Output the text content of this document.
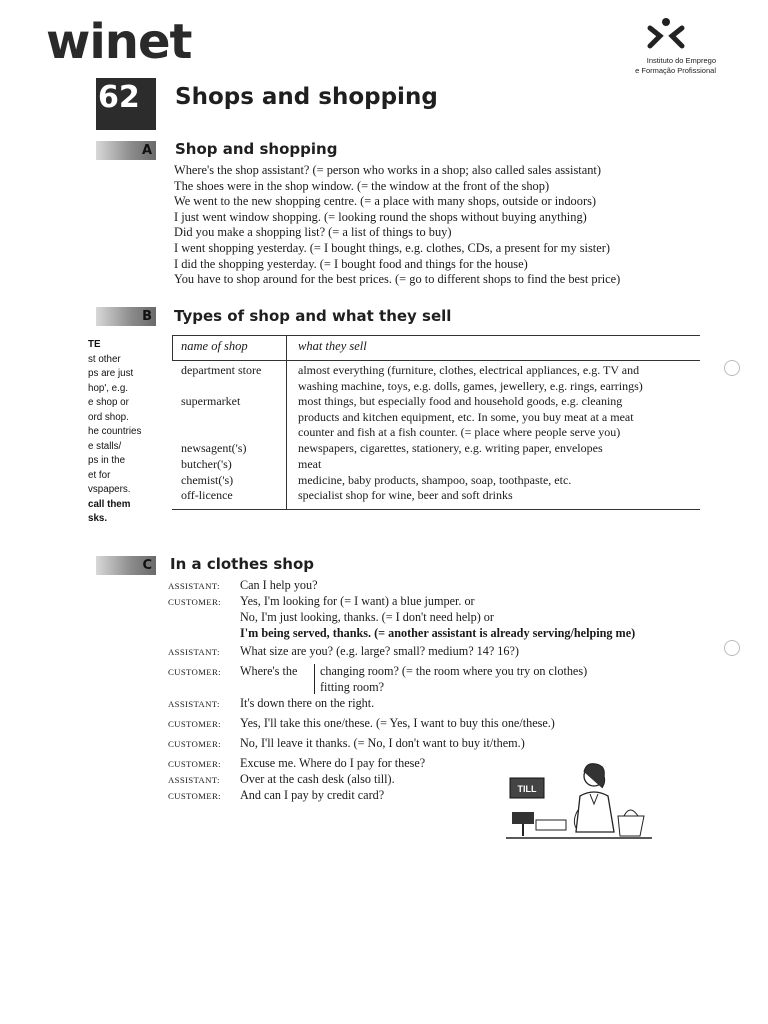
winet	Instituto do Emprego
e Formação Profissional
62	Shops and shopping
A Shop and shopping
Where's the shop assistant? (= person who works in a shop; also called sales assistant)
The shoes were in the shop window. (= the window at the front of the shop)
We went to the new shopping centre. (= a place with many shops, outside or indoors)
I just went window shopping. (= looking round the shops without buying anything)
Did you make a shopping list? (= a list of things to buy)
I went shopping yesterday. (= I bought things, e.g. clothes, CDs, a present for my sister)
I did the shopping yesterday. (= I bought food and things for the house)
You have to shop around for the best prices. (= go to different shops to find the best price)
B Types of shop and what they sell
TE
st other
ps are just
hop', e.g.
e shop or
ord shop.
he countries
e stalls/
ps in the
et for
vspapers.
call them
sks.
name of shop	what they sell
department store	almost everything (furniture, clothes, electrical appliances, e.g. TV and
washing machine, toys, e.g. dolls, games, jewellery, e.g. rings, earrings)
supermarket	most things, but especially food and household goods, e.g. cleaning
products and kitchen equipment, etc. In some, you buy meat at a meat
counter and fish at a fish counter. (= place where people serve you)
newsagent('s)	newspapers, cigarettes, stationery, e.g. writing paper, envelopes
butcher('s)	meat
chemist('s)	medicine, baby products, shampoo, soap, toothpaste, etc.
off-licence	specialist shop for wine, beer and soft drinks
C In a clothes shop
ASSISTANT:	Can I help you?
CUSTOMER:	Yes, I'm looking for (= I want) a blue jumper. or
No, I'm just looking, thanks. (= I don't need help) or
I'm being served, thanks. (= another assistant is already serving/helping me)
ASSISTANT:	What size are you? (e.g. large? small? medium? 14? 16?)
CUSTOMER:	Where's the changing room? (= the room where you try on clothes)
fitting room?
ASSISTANT:	It's down there on the right.
CUSTOMER:	Yes, I'll take this one/these. (= Yes, I want to buy this one/these.)
CUSTOMER:	No, I'll leave it thanks. (= No, I don't want to buy it/them.)
CUSTOMER:	Excuse me. Where do I pay for these?
ASSISTANT:	Over at the cash desk (also till).
CUSTOMER:	And can I pay by credit card?	TILL
